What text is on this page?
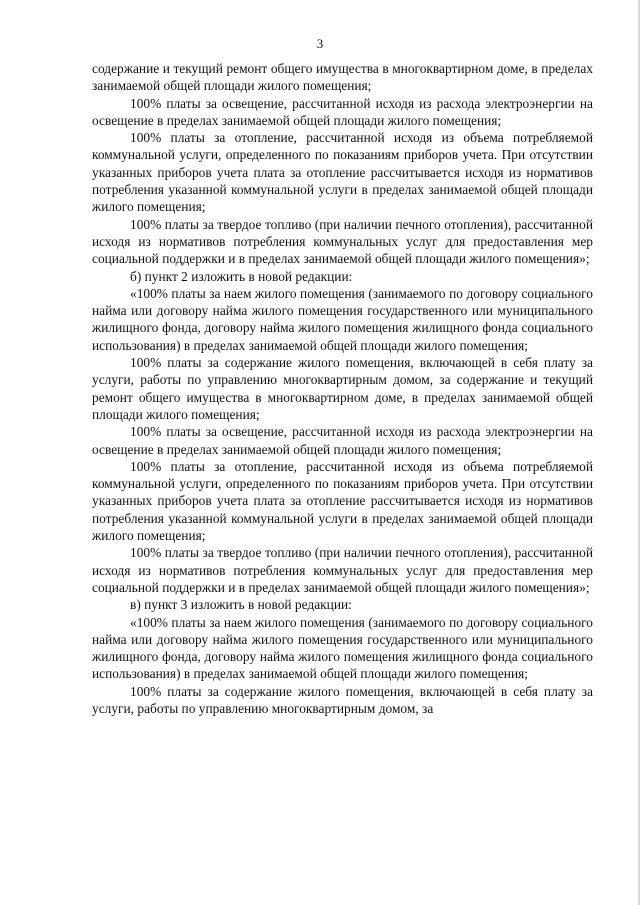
3

содержание и текущий ремонт общего имущества в многоквартирном доме, в пределах занимаемой общей площади жилого помещения;

100% платы за освещение, рассчитанной исходя из расхода электроэнергии на освещение в пределах занимаемой общей площади жилого помещения;

100% платы за отопление, рассчитанной исходя из объема потребляемой коммунальной услуги, определенного по показаниям приборов учета. При отсутствии указанных приборов учета плата за отопление рассчитывается исходя из нормативов потребления указанной коммунальной услуги в пределах занимаемой общей площади жилого помещения;

100% платы за твердое топливо (при наличии печного отопления), рассчитанной исходя из нормативов потребления коммунальных услуг для предоставления мер социальной поддержки и в пределах занимаемой общей площади жилого помещения»;

б) пункт 2 изложить в новой редакции:

«100% платы за наем жилого помещения (занимаемого по договору социального найма или договору найма жилого помещения государственного или муниципального жилищного фонда, договору найма жилого помещения жилищного фонда социального использования) в пределах занимаемой общей площади жилого помещения;

100% платы за содержание жилого помещения, включающей в себя плату за услуги, работы по управлению многоквартирным домом, за содержание и текущий ремонт общего имущества в многоквартирном доме, в пределах занимаемой общей площади жилого помещения;

100% платы за освещение, рассчитанной исходя из расхода электроэнергии на освещение в пределах занимаемой общей площади жилого помещения;

100% платы за отопление, рассчитанной исходя из объема потребляемой коммунальной услуги, определенного по показаниям приборов учета. При отсутствии указанных приборов учета плата за отопление рассчитывается исходя из нормативов потребления указанной коммунальной услуги в пределах занимаемой общей площади жилого помещения;

100% платы за твердое топливо (при наличии печного отопления), рассчитанной исходя из нормативов потребления коммунальных услуг для предоставления мер социальной поддержки и в пределах занимаемой общей площади жилого помещения»;

в) пункт 3 изложить в новой редакции:

«100% платы за наем жилого помещения (занимаемого по договору социального найма или договору найма жилого помещения государственного или муниципального жилищного фонда, договору найма жилого помещения жилищного фонда социального использования) в пределах занимаемой общей площади жилого помещения;

100% платы за содержание жилого помещения, включающей в себя плату за услуги, работы по управлению многоквартирным домом, за
